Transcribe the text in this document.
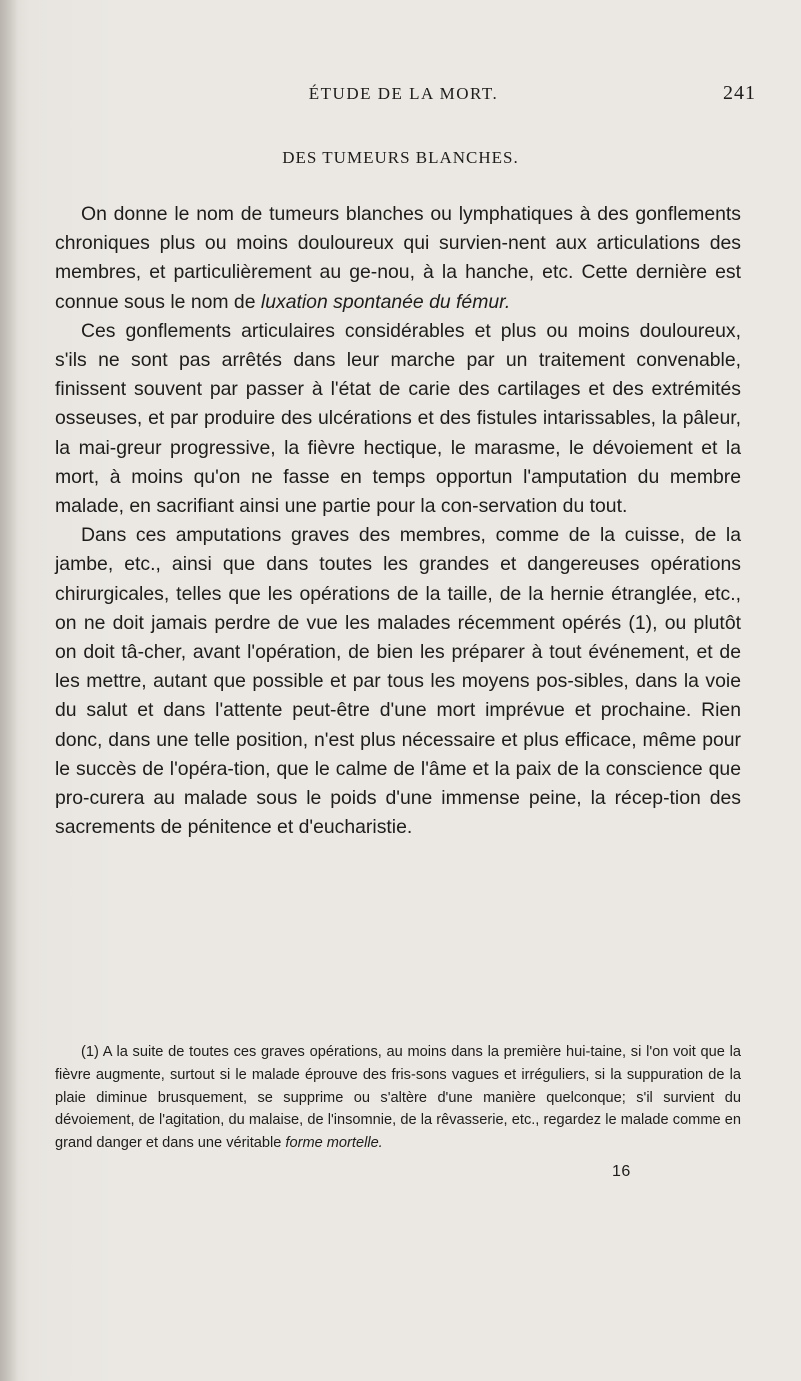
ÉTUDE DE LA MORT.	241
DES TUMEURS BLANCHES.

On donne le nom de tumeurs blanches ou lymphatiques à des gonflements chroniques plus ou moins douloureux qui survien-nent aux articulations des membres, et particulièrement au ge-nou, à la hanche, etc. Cette dernière est connue sous le nom de luxation spontanée du fémur.

Ces gonflements articulaires considérables et plus ou moins douloureux, s'ils ne sont pas arrêtés dans leur marche par un traitement convenable, finissent souvent par passer à l'état de carie des cartilages et des extrémités osseuses, et par produire des ulcérations et des fistules intarissables, la pâleur, la mai-greur progressive, la fièvre hectique, le marasme, le dévoiement et la mort, à moins qu'on ne fasse en temps opportun l'amputation du membre malade, en sacrifiant ainsi une partie pour la con-servation du tout.

Dans ces amputations graves des membres, comme de la cuisse, de la jambe, etc., ainsi que dans toutes les grandes et dangereuses opérations chirurgicales, telles que les opérations de la taille, de la hernie étranglée, etc., on ne doit jamais perdre de vue les malades récemment opérés (1), ou plutôt on doit tâ-cher, avant l'opération, de bien les préparer à tout événement, et de les mettre, autant que possible et par tous les moyens pos-sibles, dans la voie du salut et dans l'attente peut-être d'une mort imprévue et prochaine. Rien donc, dans une telle position, n'est plus nécessaire et plus efficace, même pour le succès de l'opéra-tion, que le calme de l'âme et la paix de la conscience que pro-curera au malade sous le poids d'une immense peine, la récep-tion des sacrements de pénitence et d'eucharistie.

(1) A la suite de toutes ces graves opérations, au moins dans la première hui-taine, si l'on voit que la fièvre augmente, surtout si le malade éprouve des fris-sons vagues et irréguliers, si la suppuration de la plaie diminue brusquement, se supprime ou s'altère d'une manière quelconque; s'il survient du dévoiement, de l'agitation, du malaise, de l'insomnie, de la rêvasserie, etc., regardez le malade comme en grand danger et dans une véritable forme mortelle.

16
